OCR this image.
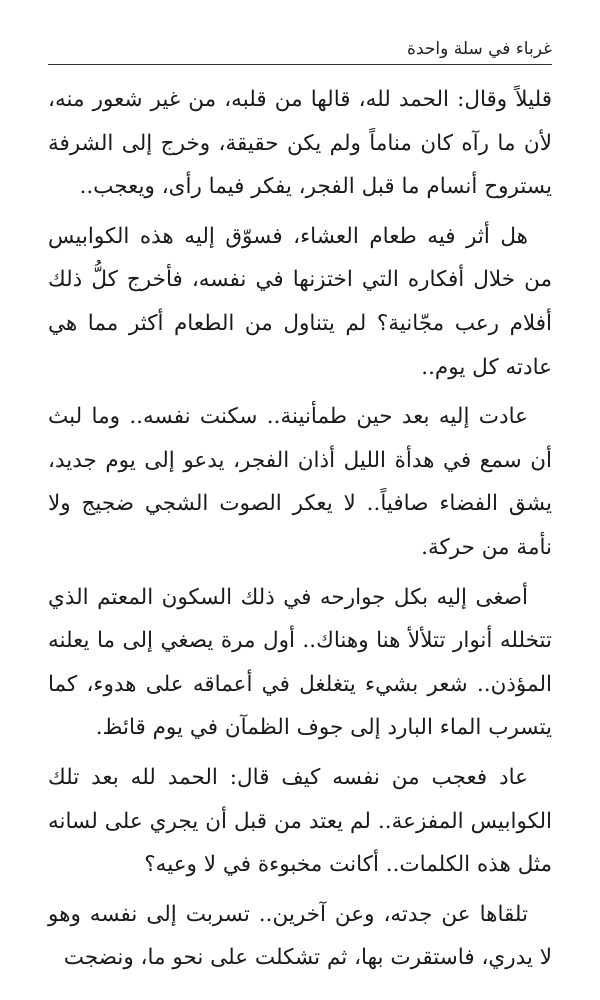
غرباء في سلة واحدة

قليلاً وقال: الحمد لله، قالها من قلبه، من غير شعور منه، لأن ما رآه كان مناماً ولم يكن حقيقة، وخرج إلى الشرفة يستروح أنسام ما قبل الفجر، يفكر فيما رأى، ويعجب..

هل أثر فيه طعام العشاء، فسوّق إليه هذه الكوابيس من خلال أفكاره التي اختزنها في نفسه، فأخرج كلُّ ذلك أفلام رعب مجّانية؟ لم يتناول من الطعام أكثر مما هي عادته كل يوم..

عادت إليه بعد حين طمأنينة.. سكنت نفسه.. وما لبث أن سمع في هدأة الليل أذان الفجر، يدعو إلى يوم جديد، يشق الفضاء صافياً.. لا يعكر الصوت الشجي ضجيج ولا نأمة من حركة.

أصغى إليه بكل جوارحه في ذلك السكون المعتم الذي تتخلله أنوار تتلألأ هنا وهناك.. أول مرة يصغي إلى ما يعلنه المؤذن.. شعر بشيء يتغلغل في أعماقه على هدوء، كما يتسرب الماء البارد إلى جوف الظمآن في يوم قائظ.

عاد فعجب من نفسه كيف قال: الحمد لله بعد تلك الكوابيس المفزعة.. لم يعتد من قبل أن يجري على لسانه مثل هذه الكلمات.. أكانت مخبوءة في لا وعيه؟

تلقاها عن جدته، وعن آخرين.. تسربت إلى نفسه وهو لا يدري، فاستقرت بها، ثم تشكلت على نحو ما، ونضجت
